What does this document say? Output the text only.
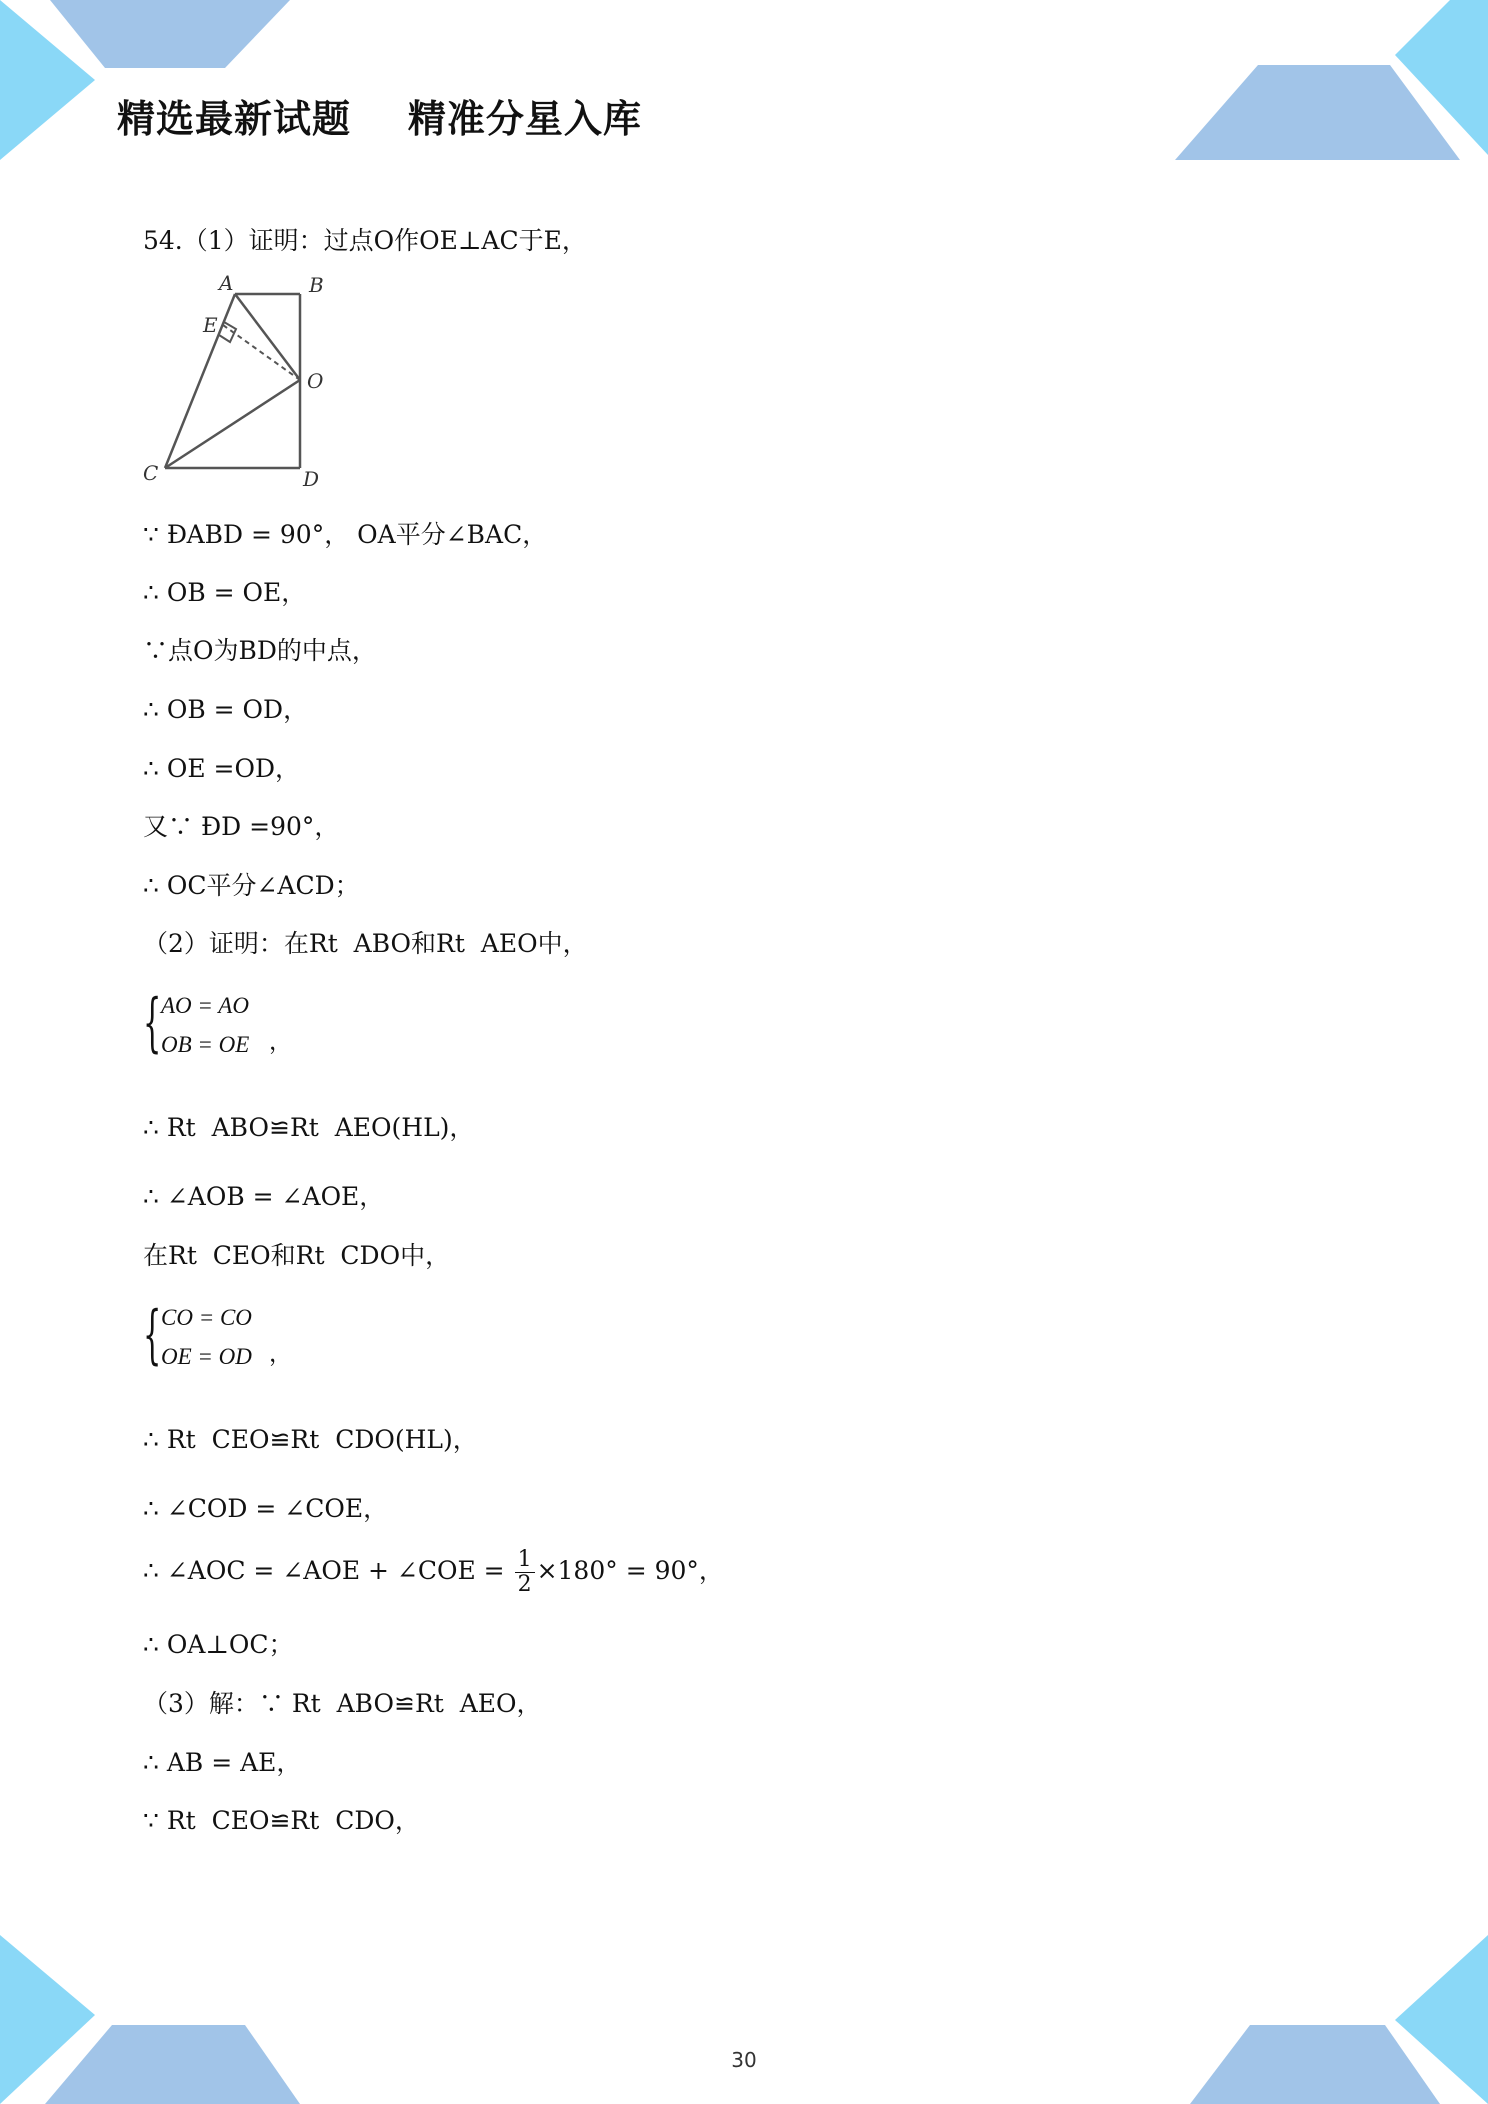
精选最新试题    精准分星入库
54.（1）证明：过点O作OE⊥AC于E，
A	B
E
O
C	D
∵ ÐABD = 90°， OA平分∠BAC，
∴ OB = OE，
∵点O为BD的中点，
∴ OB = OD，
∴ OE =OD，
又∵ ÐD =90°，
∴ OC平分∠ACD；
（2）证明：在Rt  ABO和Rt  AEO中，
{ AO = AO
OB = OE ，
∴ Rt  ABO≌Rt  AEO(HL)，
∴ ∠AOB = ∠AOE，
在Rt  CEO和Rt  CDO中，
{ CO = CO
OE = OD ，
∴ Rt  CEO≌Rt  CDO(HL)，
∴ ∠COD = ∠COE，
∴ ∠AOC = ∠AOE + ∠COE = $\frac{1}{2} \times 180^\circ = 90^\circ$，
∴ OA⊥OC；
（3）解：∵ Rt  ABO≌Rt  AEO，
∴ AB = AE，
∵ Rt  CEO≌Rt  CDO，
30
